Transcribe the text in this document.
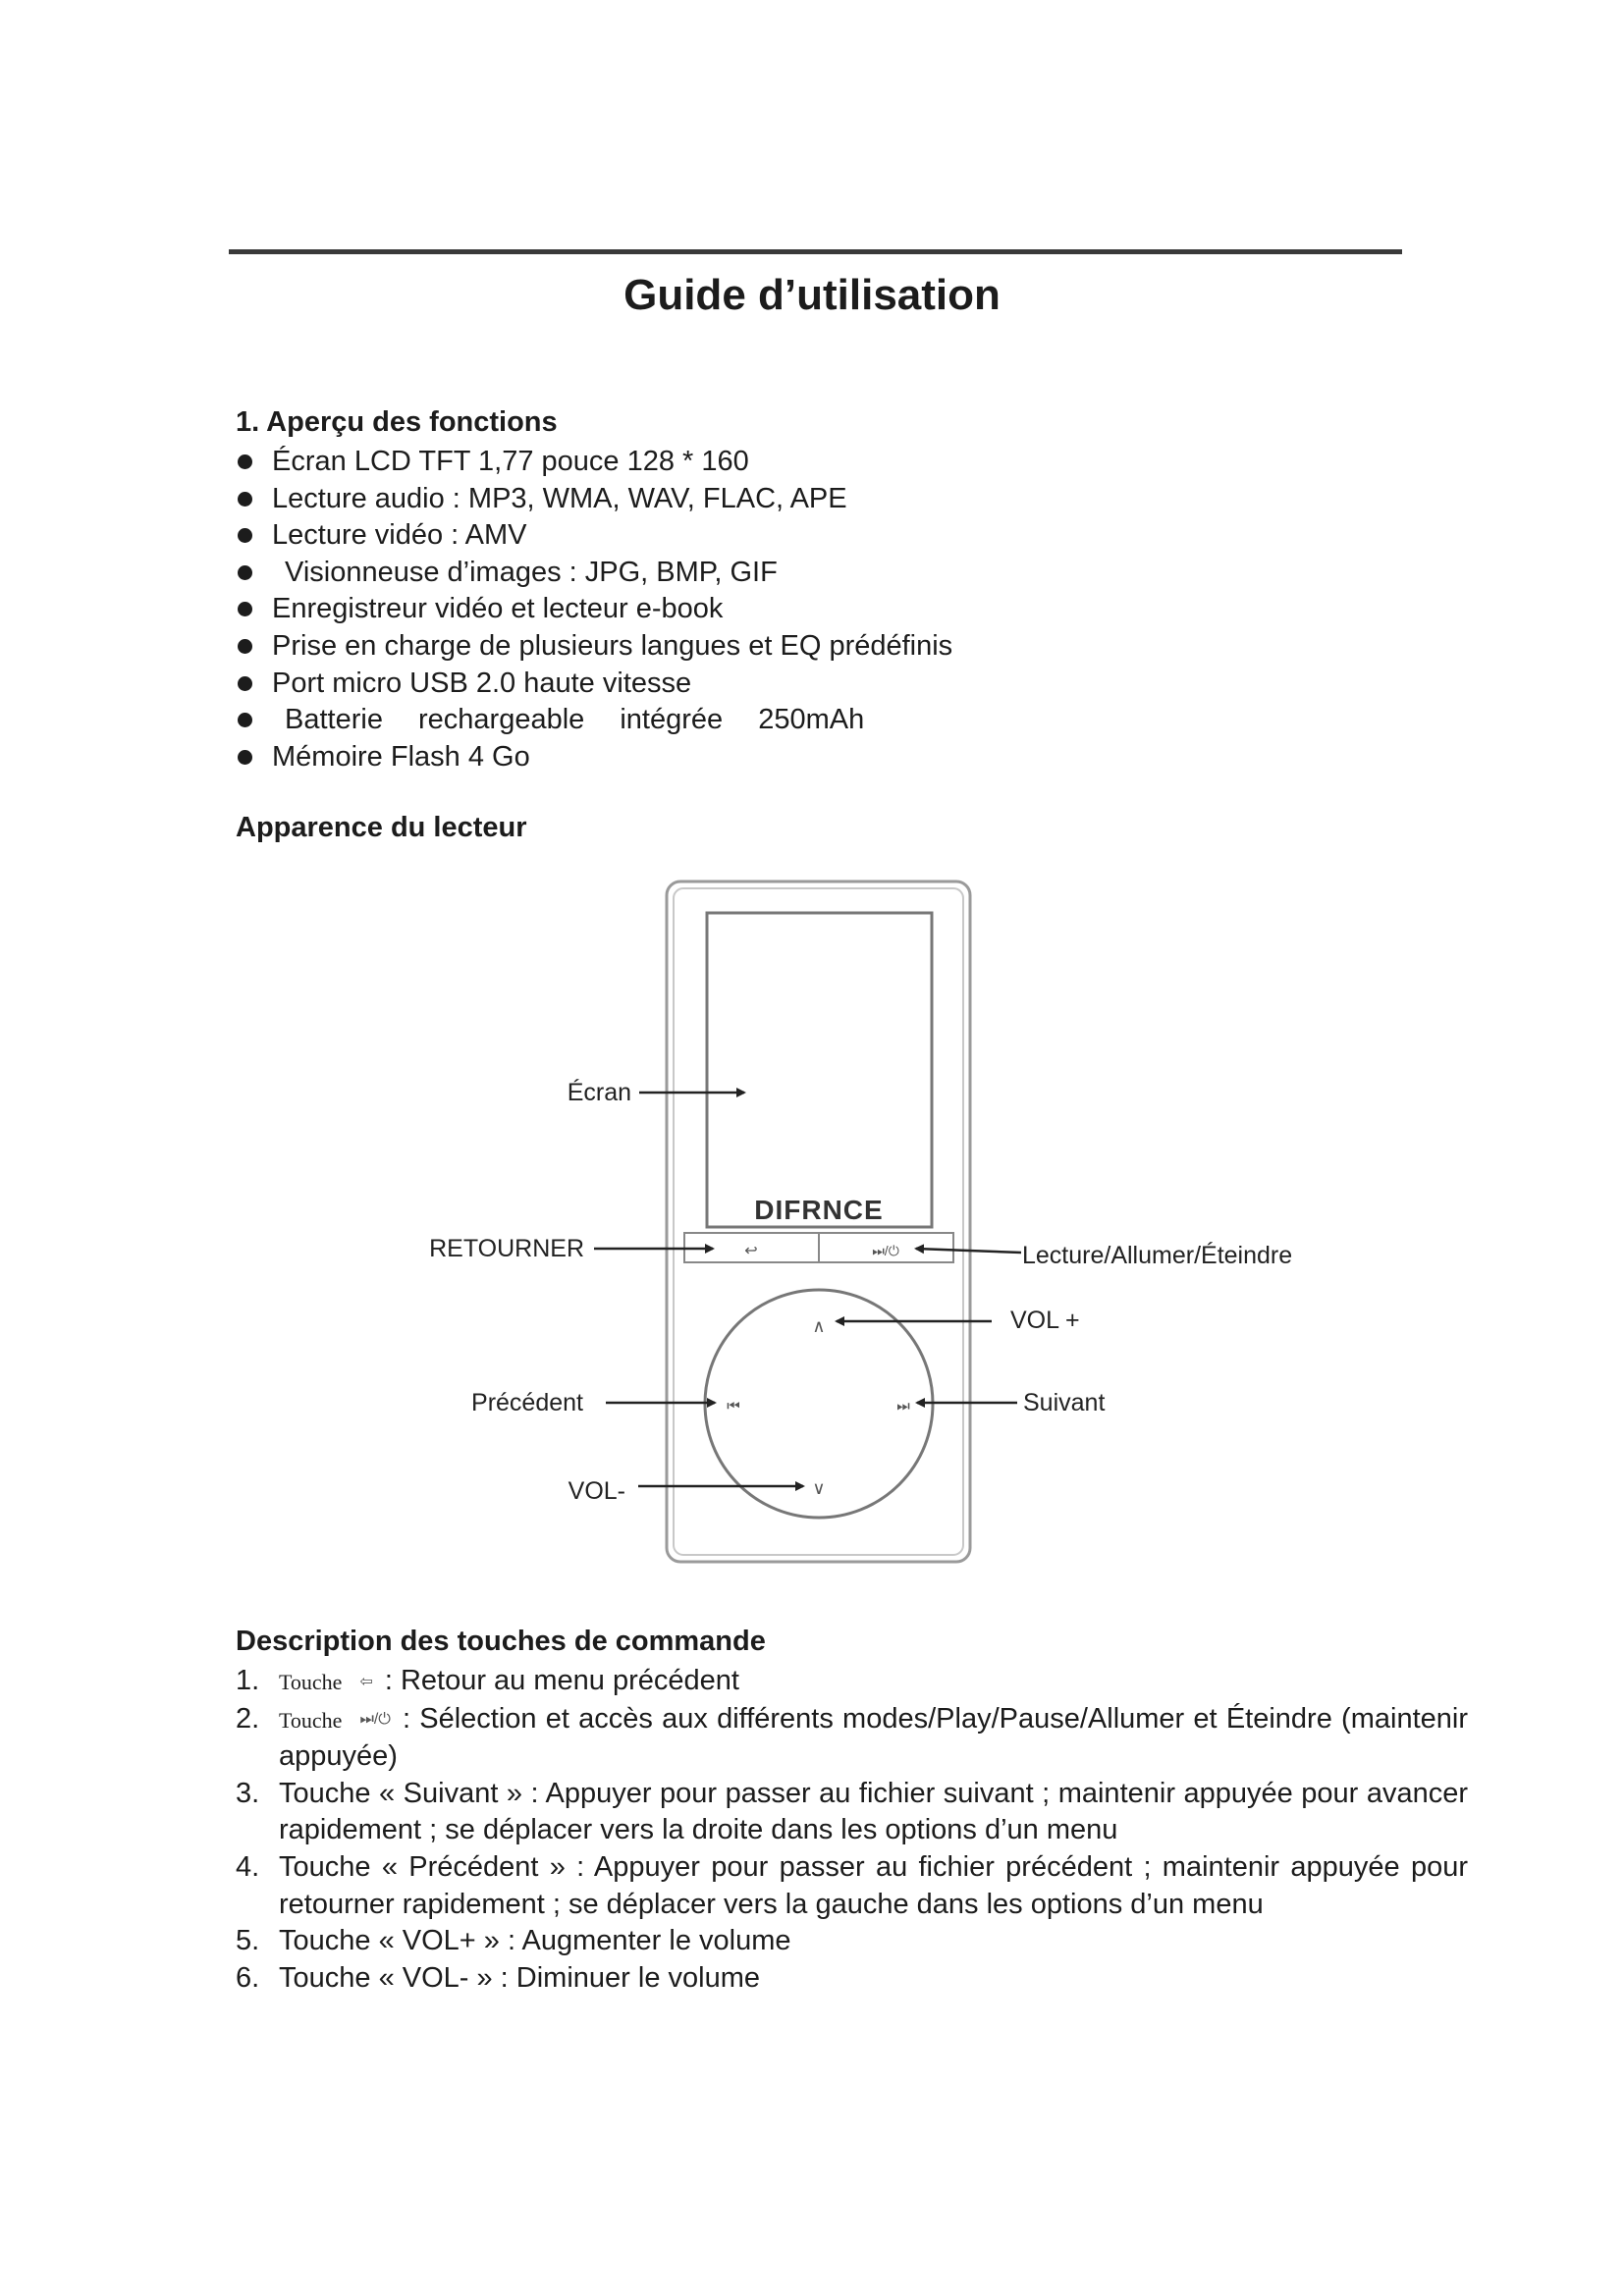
Guide d’utilisation
1. Aperçu des fonctions
Écran LCD TFT 1,77 pouce 128 * 160
Lecture audio : MP3, WMA, WAV, FLAC, APE
Lecture vidéo : AMV
Visionneuse d’images : JPG, BMP, GIF
Enregistreur vidéo et lecteur e-book
Prise en charge de plusieurs langues et EQ prédéfinis
Port micro USB 2.0 haute vitesse
Batterie rechargeable intégrée 250mAh
Mémoire Flash 4 Go
Apparence du lecteur
DIFRNCE
↩	⏭/⏻
∧
∨
⏮	⏭
Écran
RETOURNER	Lecture/Allumer/Éteindre
VOL +
Précédent	Suivant
VOL-
Description des touches de commande
1. Touche ⇦ : Retour au menu précédent
2. Touche ⏭/⏻ : Sélection et accès aux différents modes/Play/Pause/Allumer et Éteindre (maintenir appuyée)
3. Touche « Suivant » : Appuyer pour passer au fichier suivant ; maintenir appuyée pour avancer rapidement ; se déplacer vers la droite dans les options d’un menu
4. Touche « Précédent » : Appuyer pour passer au fichier précédent ; maintenir appuyée pour retourner rapidement ; se déplacer vers la gauche dans les options d’un menu
5. Touche « VOL+ » : Augmenter le volume
6. Touche « VOL- » : Diminuer le volume
